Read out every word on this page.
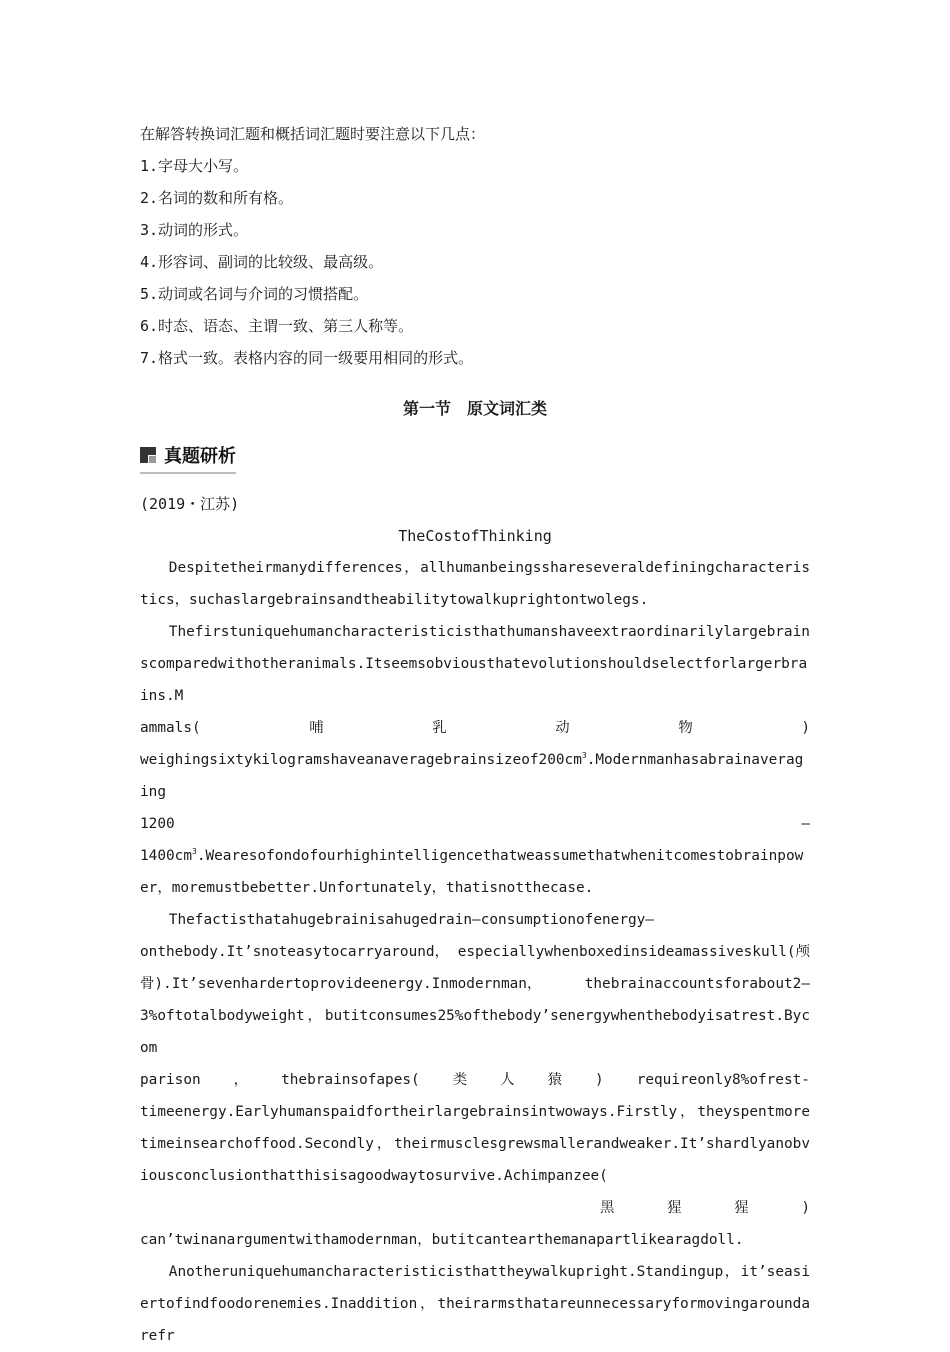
在解答转换词汇题和概括词汇题时要注意以下几点：
1.字母大小写。
2.名词的数和所有格。
3.动词的形式。
4.形容词、副词的比较级、最高级。
5.动词或名词与介词的习惯搭配。
6.时态、语态、主谓一致、第三人称等。
7.格式一致。表格内容的同一级要用相同的形式。
第一节　原文词汇类
真题研析
(2019・江苏)
TheCostofThinking
Despitetheirmanydifferences，allhumanbeingsshareseveraldefiningcharacteristics，suchaslargebrainsandtheabilitytowalkuprightontwolegs.
Thefirstuniquehumancharacteristicisthathumanshaveextraordinarilylargebrainscomparedwithotheranimals.Itseemsobviousthatevolutionshouldselectforlargerbrains.M
ammals(	哺	乳	动	物	)
$weighingsixtykilogramshaveanaveragebrainsizeof200cm^3.Modernmanhasabrainaveraging$
1200	—
$1400cm^3.Wearesofondofourhighintelligencethatweassumethatwhenitcomestobrainpower$，moremustbebetter.Unfortunately，thatisnotthecase.
Thefactisthatahugebrainisahugedrain—consumptionofenergy—
onthebody.It’snoteasytocarryaround， especiallywhenboxedinsideamassiveskull(颅
骨).It’sevenhardertoprovideenergy.Inmodernman，	thebrainaccountsforabout2—
3%oftotalbodyweight，butitconsumes25%ofthebody’senergywhenthebodyisatrest.Bycom
parison ， thebrainsofapes( 类 人 猿 ) requireonly8%ofrest-
timeenergy.Earlyhumanspaidfortheirlargebrainsintwoways.Firstly，theyspentmoretimeinsearchoffood.Secondly，theirmusclesgrewsmallerandweaker.It’shardlyanobviousconclusionthatthisisagoodwaytosurvive.Achimpanzee(
黑	猩	猩	)
can’twinanargumentwithamodernman，butitcantearthemanapartlikearagdoll.
Anotheruniquehumancharacteristicisthattheywalkupright.Standingup，it’seasiertofindfoodorenemies.Inaddition，theirarmsthatareunnecessaryformovingaroundarefr
